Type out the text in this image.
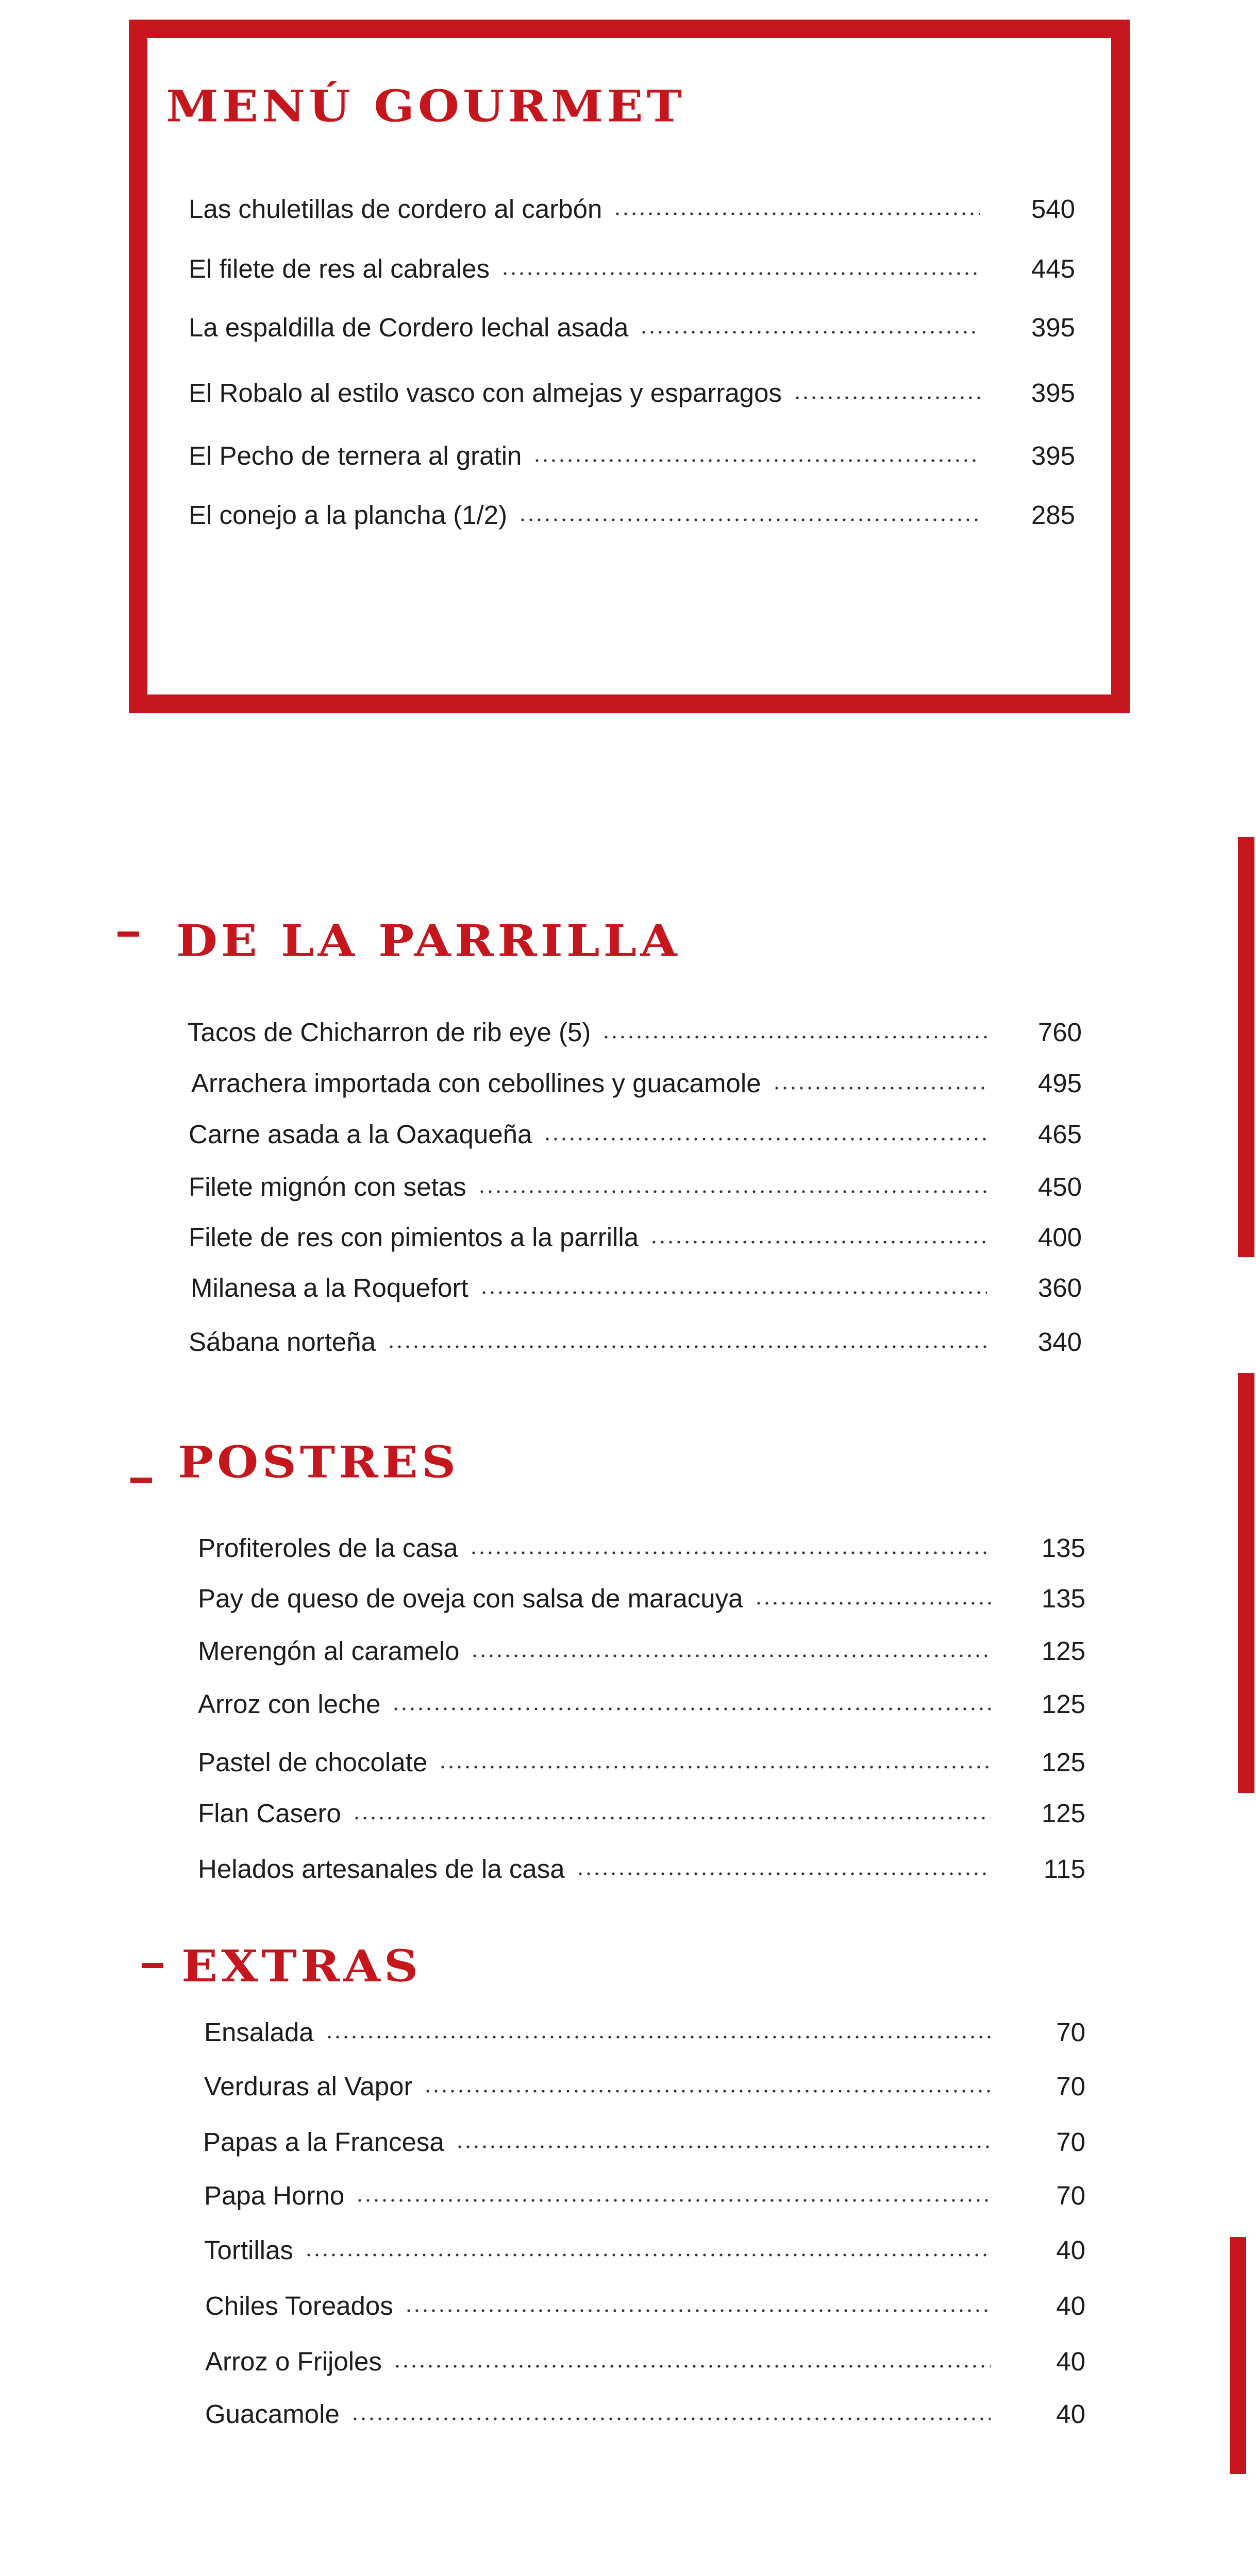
MENÚ GOURMET
Las chuletillas de cordero al carbón	540
El filete de res al cabrales	445
La espaldilla de Cordero lechal asada	395
El Robalo al estilo vasco con almejas y esparragos	395
El Pecho de ternera al gratin	395
El conejo a la plancha (1/2)	285
DE LA PARRILLA
Tacos de Chicharron de rib eye (5)	760
Arrachera importada con cebollines y guacamole	495
Carne asada a la Oaxaqueña	465
Filete mignón con setas	450
Filete de res con pimientos a la parrilla	400
Milanesa a la Roquefort	360
Sábana norteña	340
POSTRES
Profiteroles de la casa	135
Pay de queso de oveja con salsa de maracuya	135
Merengón al caramelo	125
Arroz con leche	125
Pastel de chocolate	125
Flan Casero	125
Helados artesanales de la casa	115
EXTRAS
Ensalada	70
Verduras al Vapor	70
Papas a la Francesa	70
Papa Horno	70
Tortillas	40
Chiles Toreados	40
Arroz o Frijoles	40
Guacamole	40
